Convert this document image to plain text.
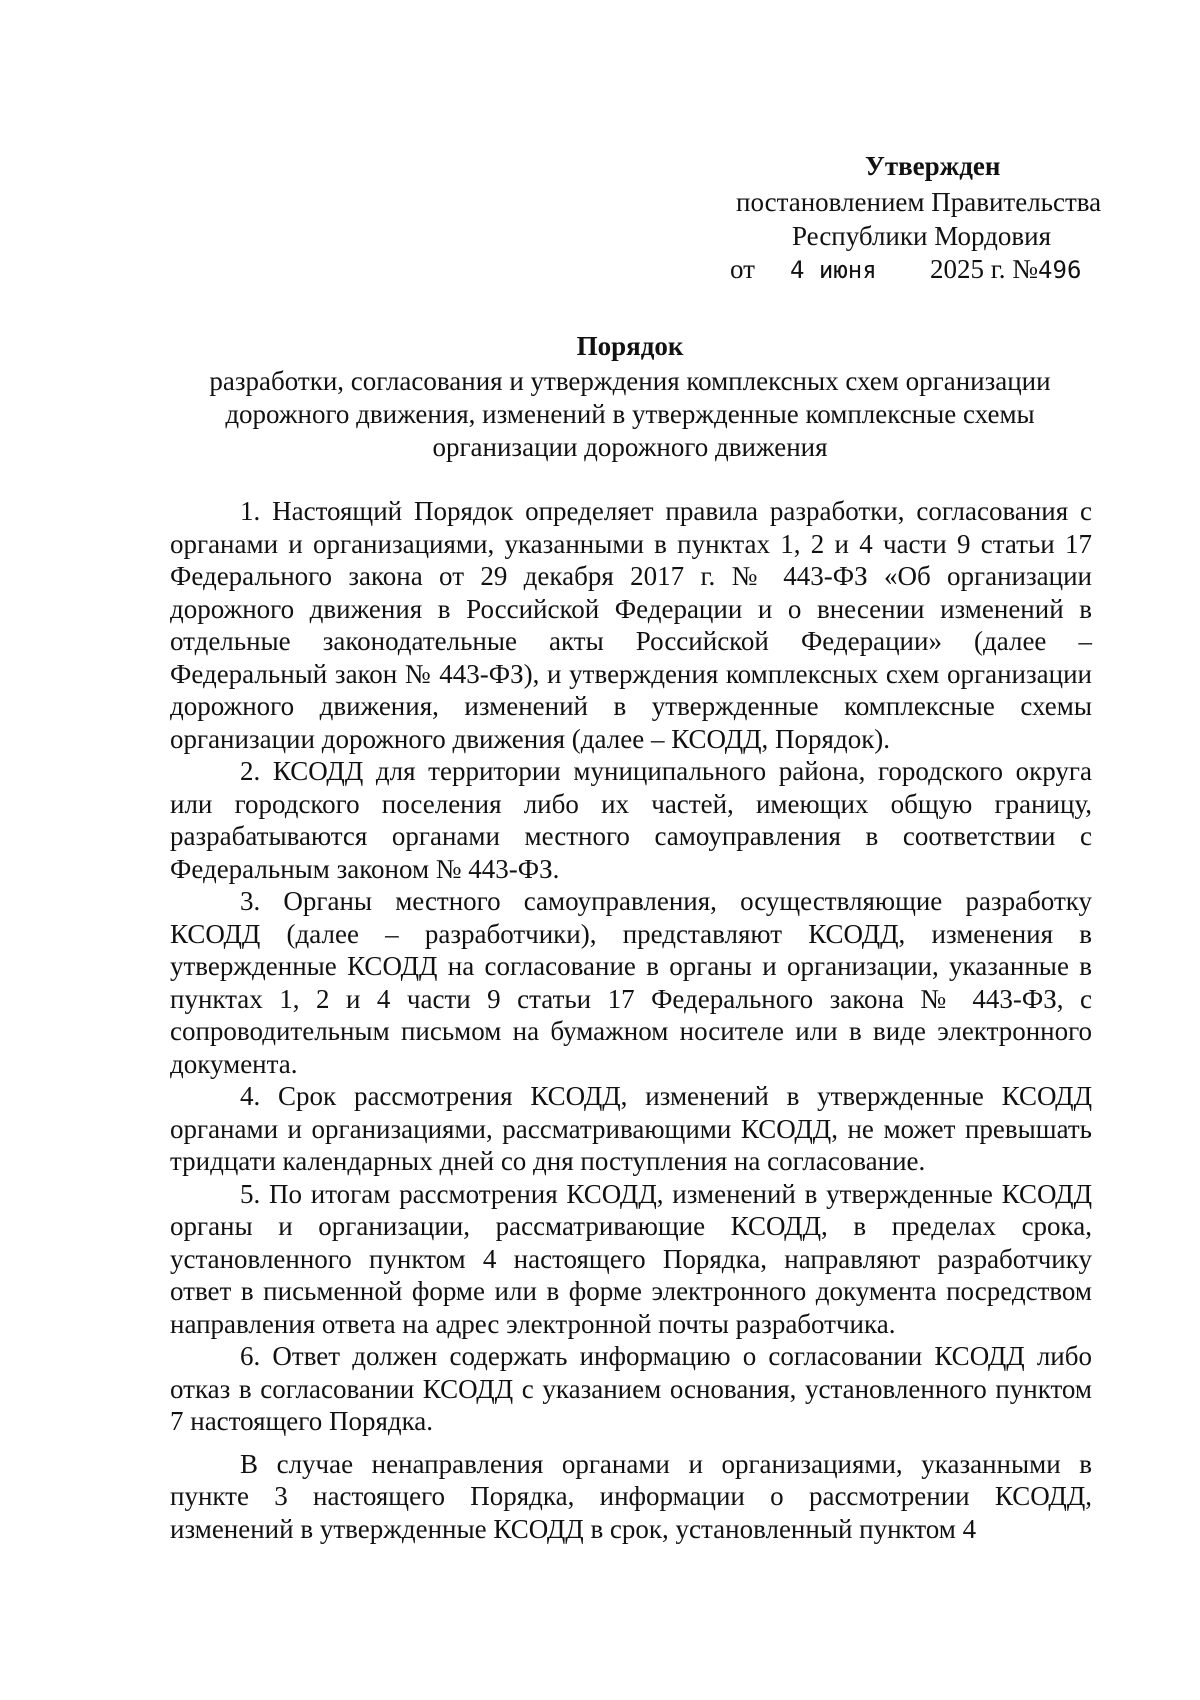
Утвержден
постановлением Правительства
Республики Мордовия
от 4 июня 2025 г. №496
Порядок
разработки, согласования и утверждения комплексных схем организации
дорожного движения, изменений в утвержденные комплексные схемы
организации дорожного движения

1. Настоящий Порядок определяет правила разработки, согласования с органами и организациями, указанными в пунктах 1, 2 и 4 части 9 статьи 17 Федерального закона от 29 декабря 2017 г. № 443-ФЗ «Об организации дорожного движения в Российской Федерации и о внесении изменений в отдельные законодательные акты Российской Федерации» (далее – Федеральный закон № 443-ФЗ), и утверждения комплексных схем организации дорожного движения, изменений в утвержденные комплексные схемы организации дорожного движения (далее – КСОДД, Порядок).

2. КСОДД для территории муниципального района, городского округа или городского поселения либо их частей, имеющих общую границу, разрабатываются органами местного самоуправления в соответствии с Федеральным законом № 443-ФЗ.

3. Органы местного самоуправления, осуществляющие разработку КСОДД (далее – разработчики), представляют КСОДД, изменения в утвержденные КСОДД на согласование в органы и организации, указанные в пунктах 1, 2 и 4 части 9 статьи 17 Федерального закона № 443-ФЗ, с сопроводительным письмом на бумажном носителе или в виде электронного документа.

4. Срок рассмотрения КСОДД, изменений в утвержденные КСОДД органами и организациями, рассматривающими КСОДД, не может превышать тридцати календарных дней со дня поступления на согласование.

5. По итогам рассмотрения КСОДД, изменений в утвержденные КСОДД органы и организации, рассматривающие КСОДД, в пределах срока, установленного пунктом 4 настоящего Порядка, направляют разработчику ответ в письменной форме или в форме электронного документа посредством направления ответа на адрес электронной почты разработчика.

6. Ответ должен содержать информацию о согласовании КСОДД либо отказ в согласовании КСОДД с указанием основания, установленного пунктом 7 настоящего Порядка.

В случае ненаправления органами и организациями, указанными в пункте 3 настоящего Порядка, информации о рассмотрении КСОДД, изменений в утвержденные КСОДД в срок, установленный пунктом 4
